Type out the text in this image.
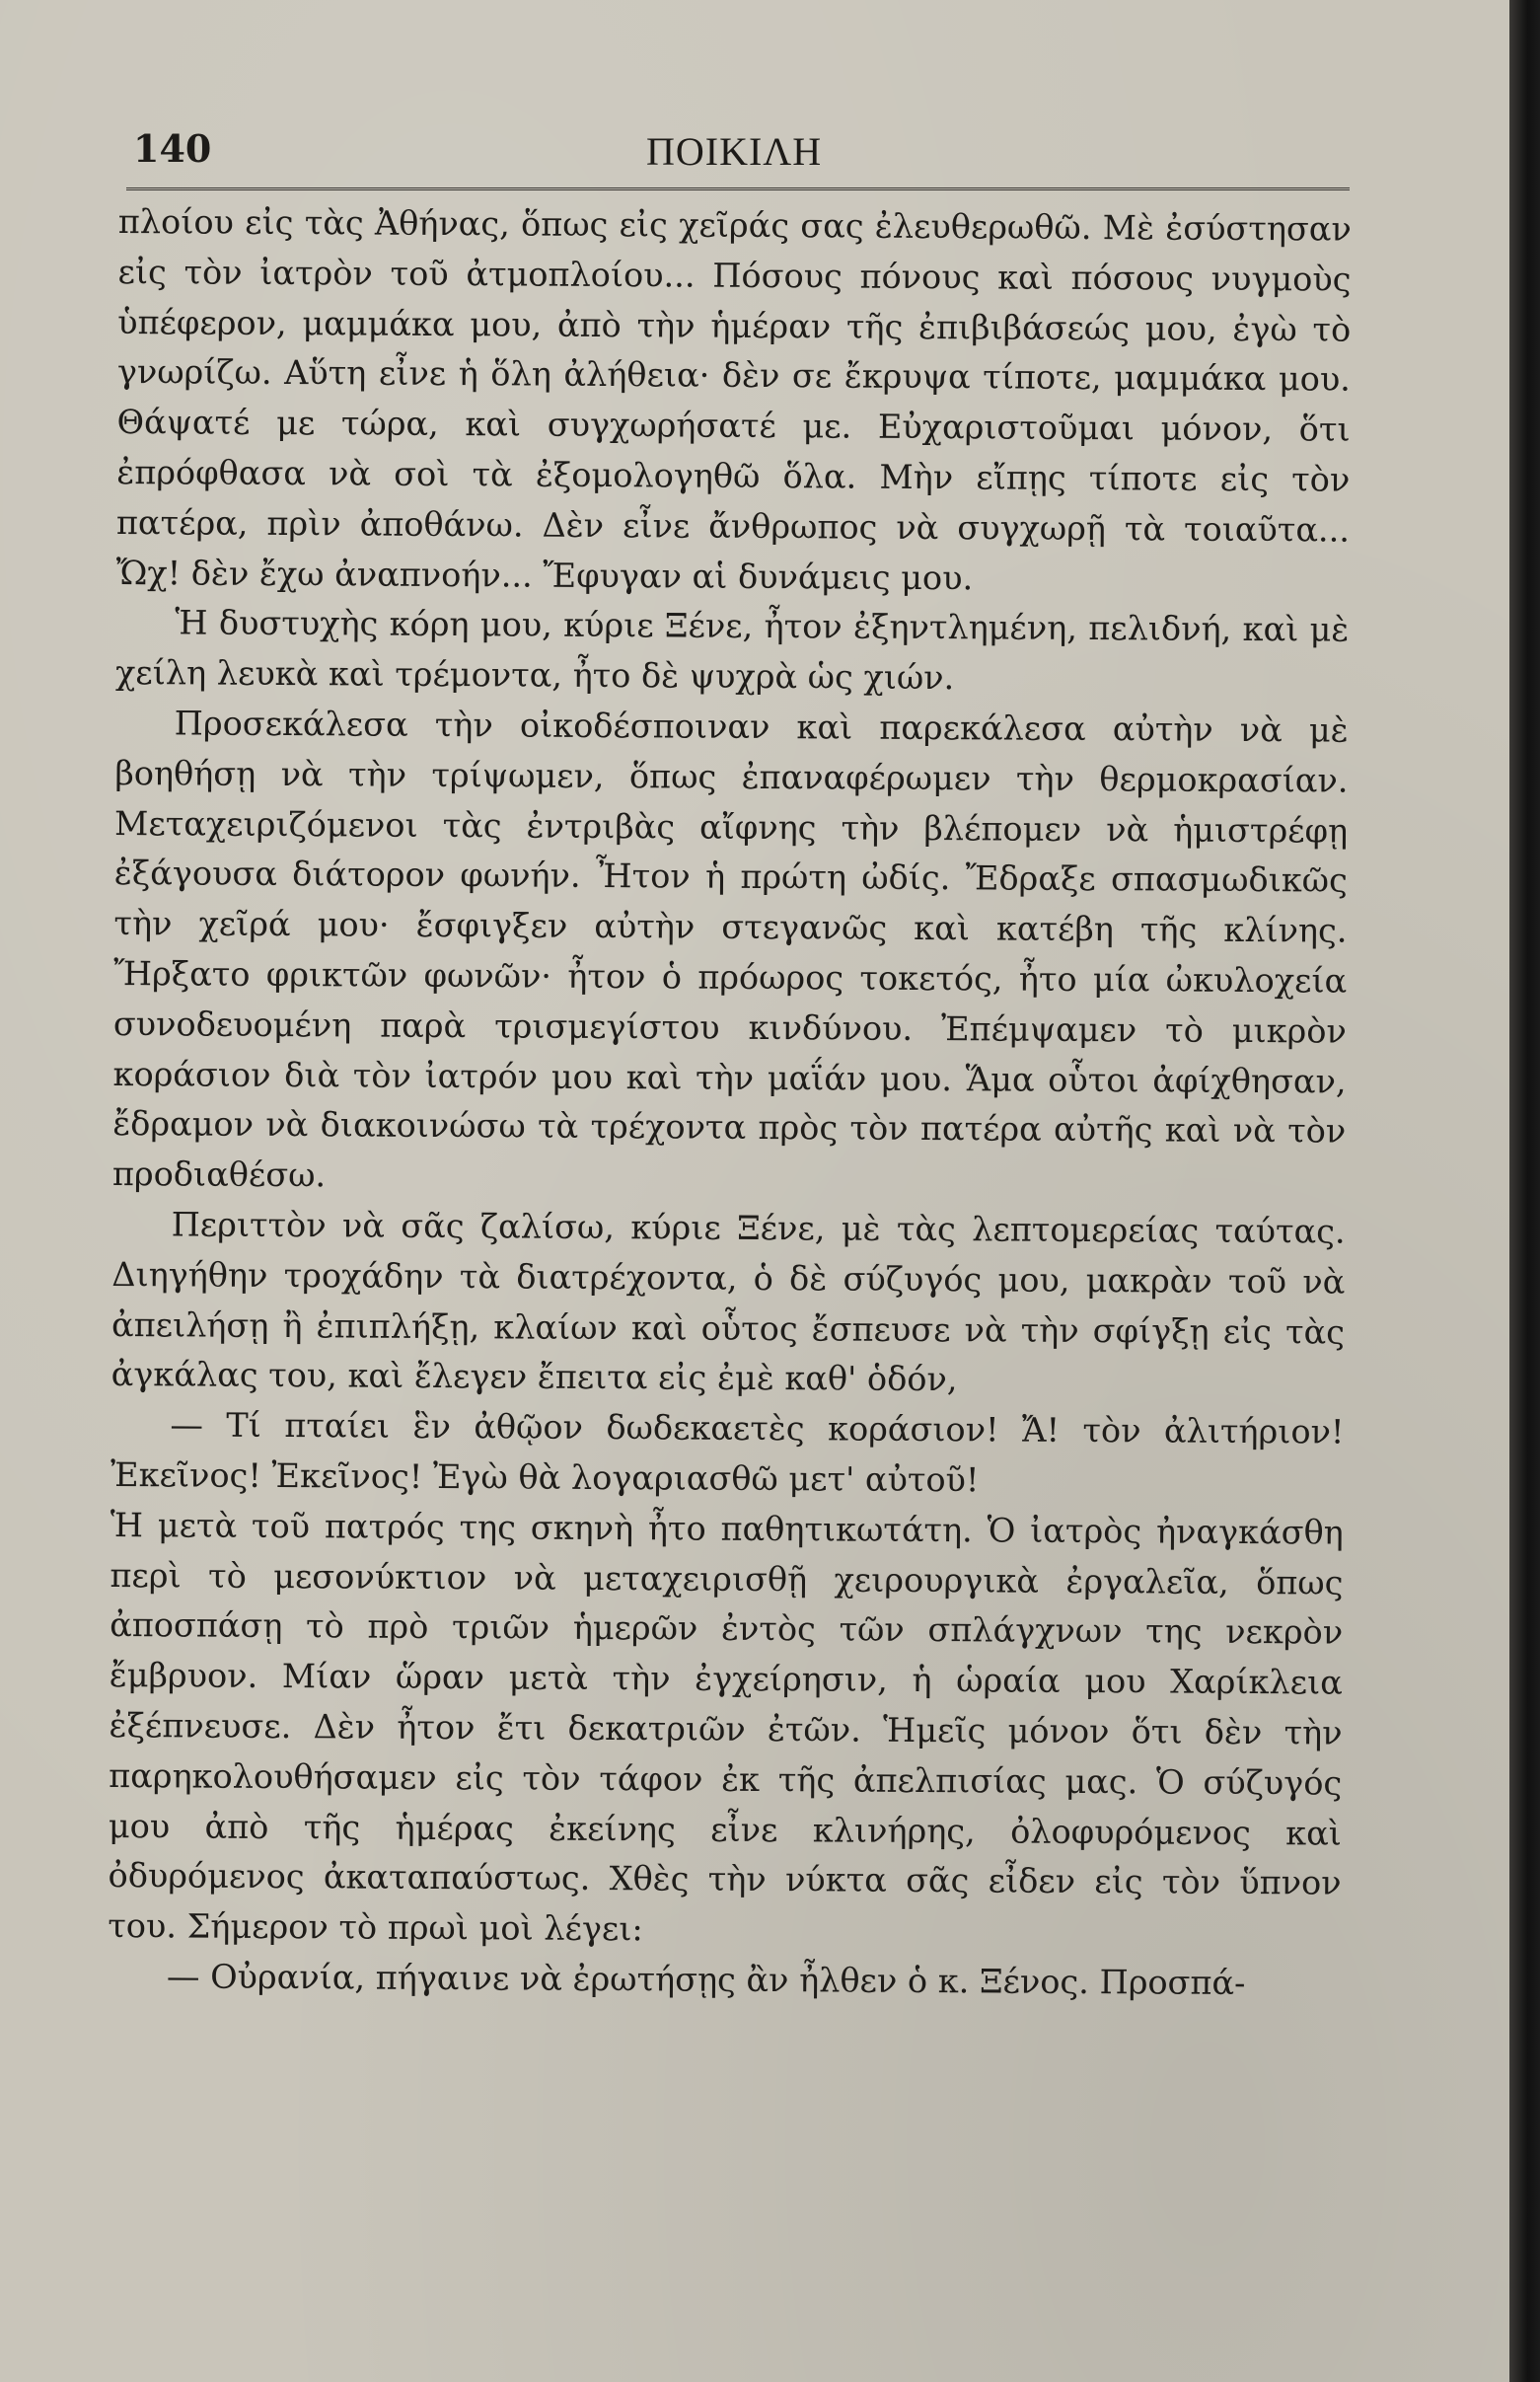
140	ΠΟΙΚΙΛΗ

πλοίου εἰς τὰς Ἀθήνας, ὅπως εἰς χεῖράς σας ἐλευθερωθῶ. Μὲ ἐσύστησαν εἰς τὸν ἰατρὸν τοῦ ἀτμοπλοίου... Πόσους πόνους καὶ πόσους νυγμοὺς ὑπέφερον, μαμμάκα μου, ἀπὸ τὴν ἡμέραν τῆς ἐπιβιβάσεώς μου, ἐγὼ τὸ γνωρίζω. Αὕτη εἶνε ἡ ὅλη ἀλήθεια· δὲν σε ἔκρυψα τίποτε, μαμμάκα μου. Θάψατέ με τώρα, καὶ συγχωρήσατέ με. Εὐχαριστοῦμαι μόνον, ὅτι ἐπρόφθασα νὰ σοὶ τὰ ἐξομολογηθῶ ὅλα. Μὴν εἴπῃς τίποτε εἰς τὸν πατέρα, πρὶν ἀποθάνω. Δὲν εἶνε ἄνθρωπος νὰ συγχωρῇ τὰ τοιαῦτα... Ὤχ! δὲν ἔχω ἀναπνοήν... Ἔφυγαν αἱ δυνάμεις μου.

Ἡ δυστυχὴς κόρη μου, κύριε Ξένε, ἦτον ἐξηντλημένη, πελιδνή, καὶ μὲ χείλη λευκὰ καὶ τρέμοντα, ἦτο δὲ ψυχρὰ ὡς χιών.

Προσεκάλεσα τὴν οἰκοδέσποιναν καὶ παρεκάλεσα αὐτὴν νὰ μὲ βοηθήσῃ νὰ τὴν τρίψωμεν, ὅπως ἐπαναφέρωμεν τὴν θερμοκρασίαν. Μεταχειριζόμενοι τὰς ἐντριβὰς αἴφνης τὴν βλέπομεν νὰ ἡμιστρέφῃ ἐξάγουσα διάτορον φωνήν. Ἦτον ἡ πρώτη ὠδίς. Ἔδραξε σπασμωδικῶς τὴν χεῖρά μου· ἔσφιγξεν αὐτὴν στεγανῶς καὶ κατέβη τῆς κλίνης. Ἤρξατο φρικτῶν φωνῶν· ἦτον ὁ πρόωρος τοκετός, ἦτο μία ὠκυλοχεία συνοδευομένη παρὰ τρισμεγίστου κινδύνου. Ἐπέμψαμεν τὸ μικρὸν κοράσιον διὰ τὸν ἰατρόν μου καὶ τὴν μαΐάν μου. Ἅμα οὗτοι ἀφίχθησαν, ἔδραμον νὰ διακοινώσω τὰ τρέχοντα πρὸς τὸν πατέρα αὐτῆς καὶ νὰ τὸν προδιαθέσω.

Περιττὸν νὰ σᾶς ζαλίσω, κύριε Ξένε, μὲ τὰς λεπτομερείας ταύτας. Διηγήθην τροχάδην τὰ διατρέχοντα, ὁ δὲ σύζυγός μου, μακρὰν τοῦ νὰ ἀπειλήσῃ ἢ ἐπιπλήξῃ, κλαίων καὶ οὗτος ἔσπευσε νὰ τὴν σφίγξῃ εἰς τὰς ἀγκάλας του, καὶ ἔλεγεν ἔπειτα εἰς ἐμὲ καθ' ὁδόν,

— Τί πταίει ἓν ἀθῷον δωδεκαετὲς κοράσιον! Ἄ! τὸν ἀλιτήριον! Ἐκεῖνος! Ἐκεῖνος! Ἐγὼ θὰ λογαριασθῶ μετ' αὐτοῦ!

Ἡ μετὰ τοῦ πατρός της σκηνὴ ἦτο παθητικωτάτη. Ὁ ἰατρὸς ἠναγκάσθη περὶ τὸ μεσονύκτιον νὰ μεταχειρισθῇ χειρουργικὰ ἐργαλεῖα, ὅπως ἀποσπάσῃ τὸ πρὸ τριῶν ἡμερῶν ἐντὸς τῶν σπλάγχνων της νεκρὸν ἔμβρυον. Μίαν ὥραν μετὰ τὴν ἐγχείρησιν, ἡ ὡραία μου Χαρίκλεια ἐξέπνευσε. Δὲν ἦτον ἔτι δεκατριῶν ἐτῶν. Ἡμεῖς μόνον ὅτι δὲν τὴν παρηκολουθήσαμεν εἰς τὸν τάφον ἐκ τῆς ἀπελπισίας μας. Ὁ σύζυγός μου ἀπὸ τῆς ἡμέρας ἐκείνης εἶνε κλινήρης, ὀλοφυρόμενος καὶ ὀδυρόμενος ἀκαταπαύστως. Χθὲς τὴν νύκτα σᾶς εἶδεν εἰς τὸν ὕπνον του. Σήμερον τὸ πρωὶ μοὶ λέγει:

— Οὐρανία, πήγαινε νὰ ἐρωτήσῃς ἂν ἦλθεν ὁ κ. Ξένος. Προσπά-
